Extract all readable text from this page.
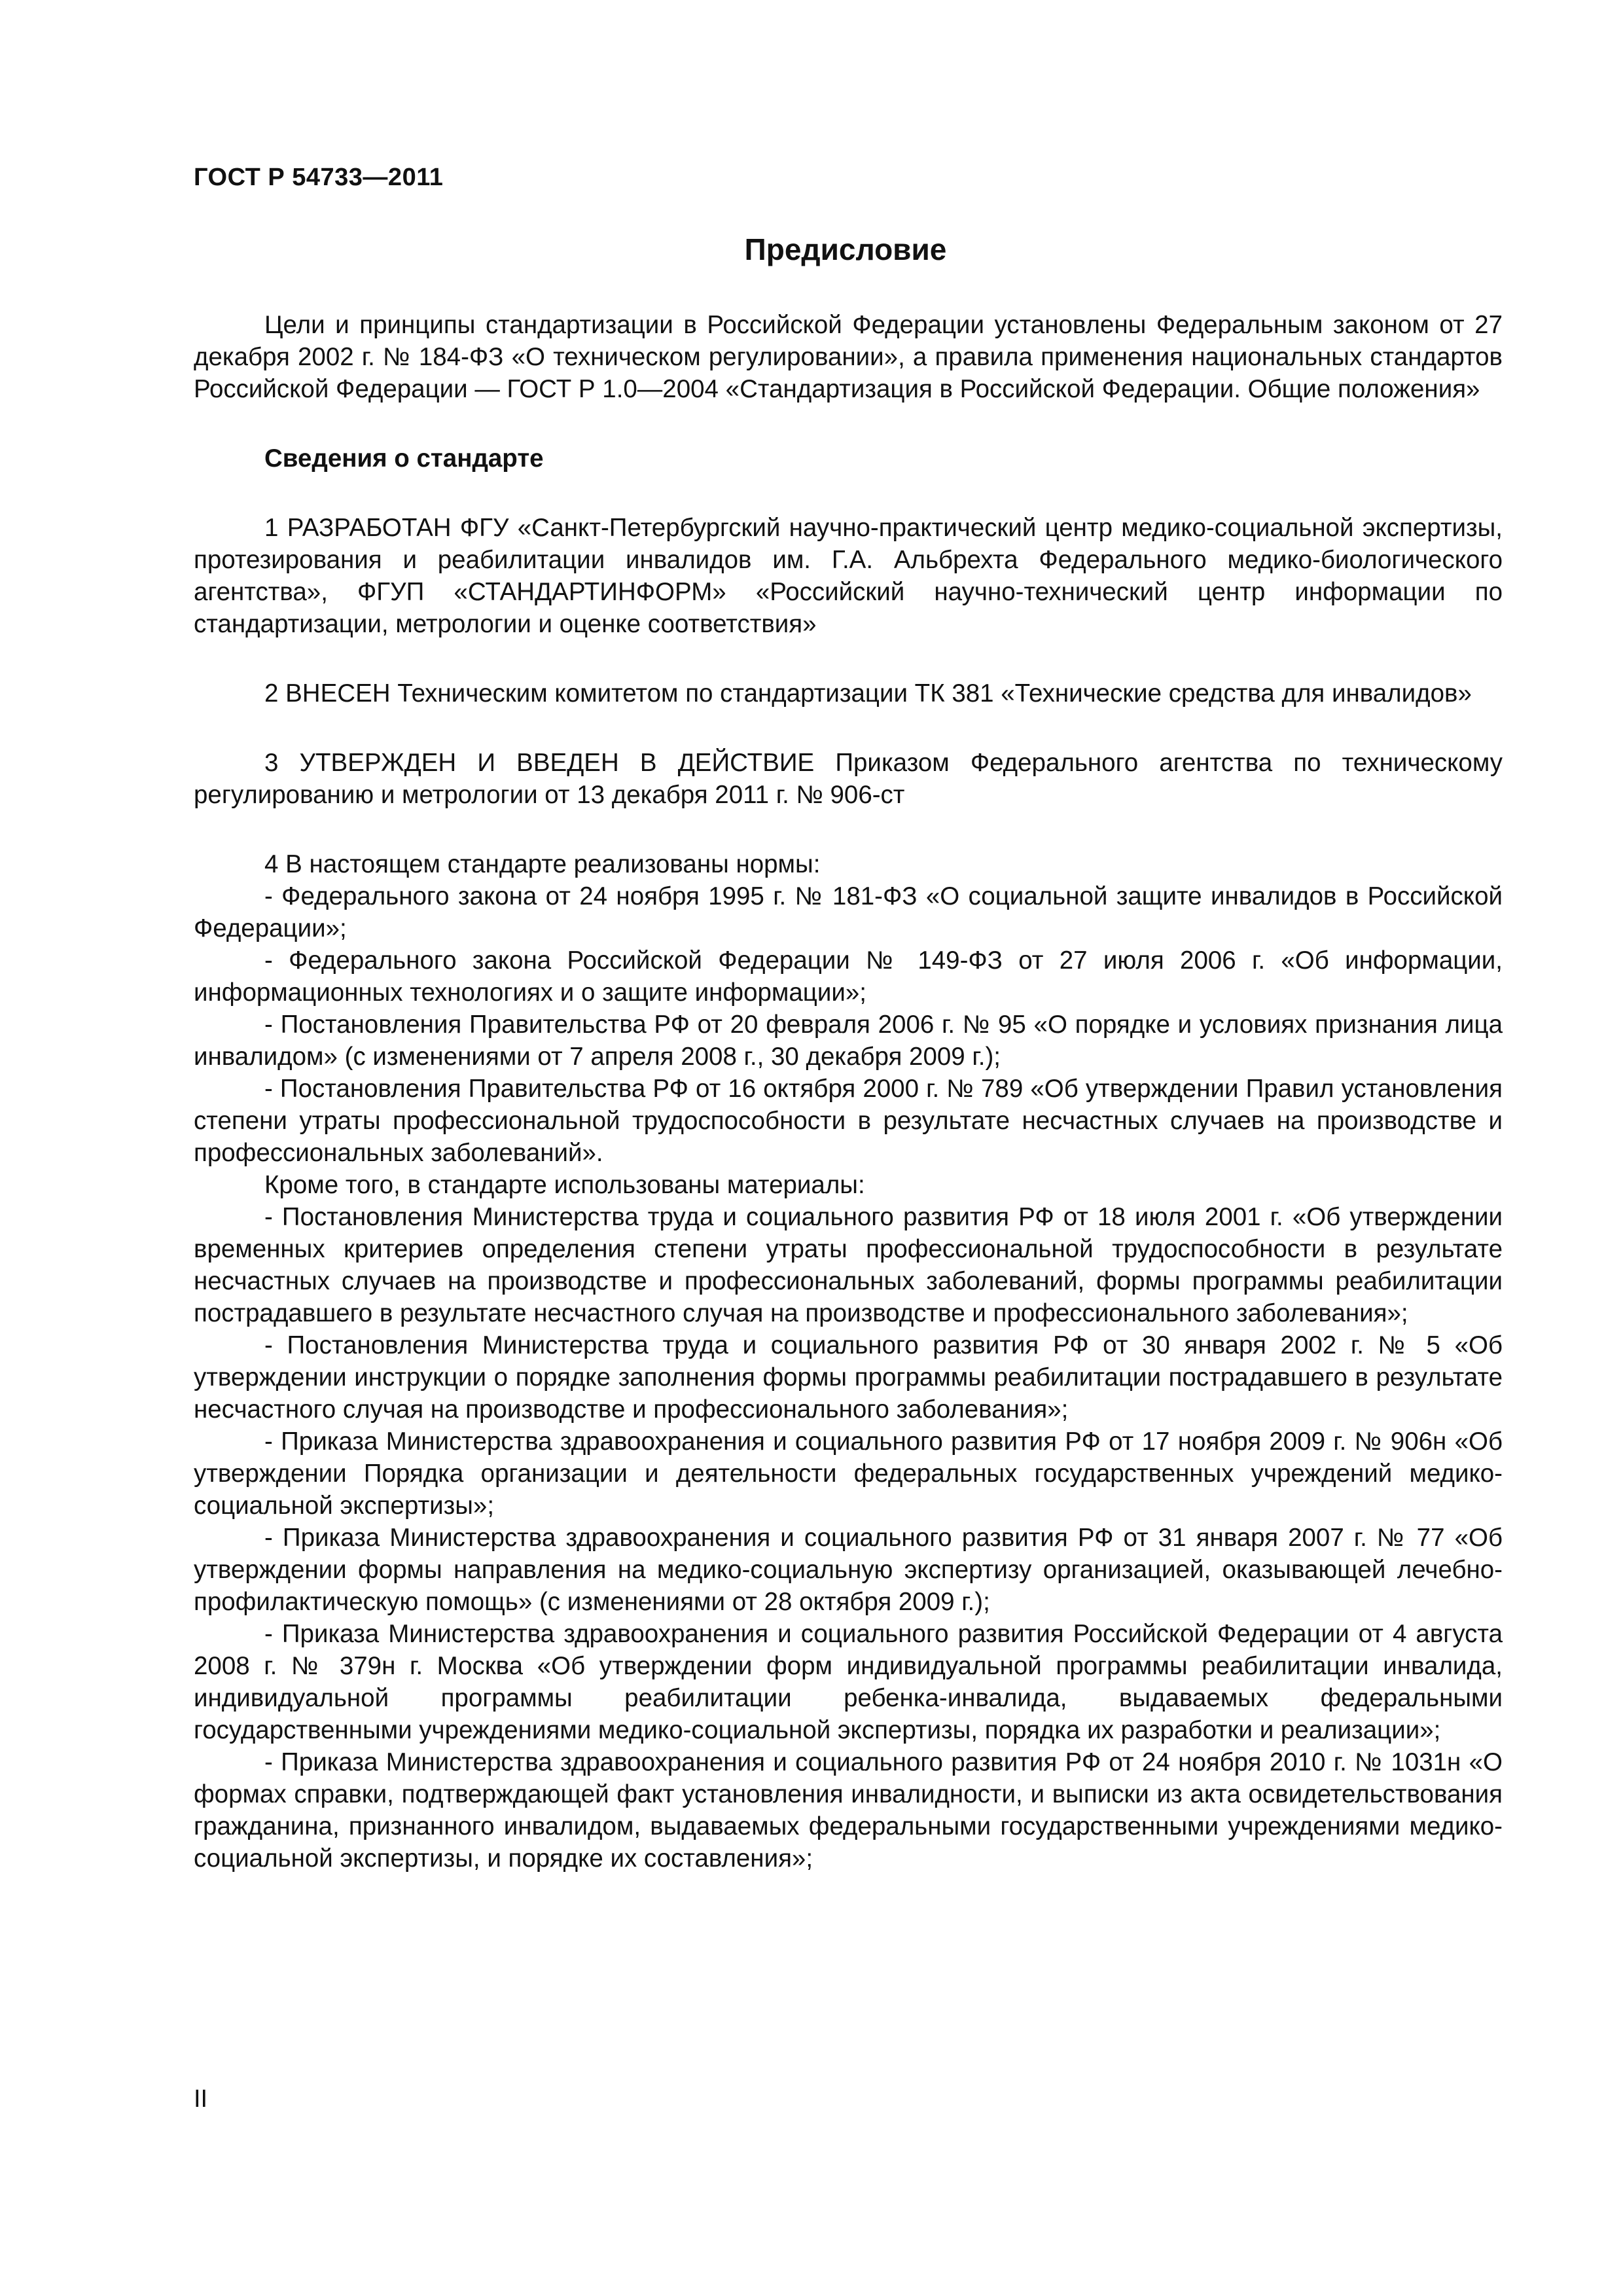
ГОСТ Р 54733—2011

Предисловие

Цели и принципы стандартизации в Российской Федерации установлены Федеральным законом от 27 декабря 2002 г. № 184-ФЗ «О техническом регулировании», а правила применения национальных стандартов Российской Федерации — ГОСТ Р 1.0—2004 «Стандартизация в Российской Федерации. Общие положения»

Сведения о стандарте

1 РАЗРАБОТАН ФГУ «Санкт-Петербургский научно-практический центр медико-социальной экспертизы, протезирования и реабилитации инвалидов им. Г.А. Альбрехта Федерального медико-биологического агентства», ФГУП «СТАНДАРТИНФОРМ» «Российский научно-технический центр информации по стандартизации, метрологии и оценке соответствия»

2 ВНЕСЕН Техническим комитетом по стандартизации ТК 381 «Технические средства для инвалидов»

3 УТВЕРЖДЕН И ВВЕДЕН В ДЕЙСТВИЕ Приказом Федерального агентства по техническому регулированию и метрологии от 13 декабря 2011 г. № 906-ст

4 В настоящем стандарте реализованы нормы:

- Федерального закона от 24 ноября 1995 г. № 181-ФЗ «О социальной защите инвалидов в Российской Федерации»;

- Федерального закона Российской Федерации № 149-ФЗ от 27 июля 2006 г. «Об информации, информационных технологиях и о защите информации»;

- Постановления Правительства РФ от 20 февраля 2006 г. № 95 «О порядке и условиях признания лица инвалидом» (с изменениями от 7 апреля 2008 г., 30 декабря 2009 г.);

- Постановления Правительства РФ от 16 октября 2000 г. № 789 «Об утверждении Правил установления степени утраты профессиональной трудоспособности в результате несчастных случаев на производстве и профессиональных заболеваний».

Кроме того, в стандарте использованы материалы:

- Постановления Министерства труда и социального развития РФ от 18 июля 2001 г. «Об утверждении временных критериев определения степени утраты профессиональной трудоспособности в результате несчастных случаев на производстве и профессиональных заболеваний, формы программы реабилитации пострадавшего в результате несчастного случая на производстве и профессионального заболевания»;

- Постановления Министерства труда и социального развития РФ от 30 января 2002 г. № 5 «Об утверждении инструкции о порядке заполнения формы программы реабилитации пострадавшего в результате несчастного случая на производстве и профессионального заболевания»;

- Приказа Министерства здравоохранения и социального развития РФ от 17 ноября 2009 г. № 906н «Об утверждении Порядка организации и деятельности федеральных государственных учреждений медико-социальной экспертизы»;

- Приказа Министерства здравоохранения и социального развития РФ от 31 января 2007 г. № 77 «Об утверждении формы направления на медико-социальную экспертизу организацией, оказывающей лечебно-профилактическую помощь» (с изменениями от 28 октября 2009 г.);

- Приказа Министерства здравоохранения и социального развития Российской Федерации от 4 августа 2008 г. № 379н г. Москва «Об утверждении форм индивидуальной программы реабилитации инвалида, индивидуальной программы реабилитации ребенка-инвалида, выдаваемых федеральными государственными учреждениями медико-социальной экспертизы, порядка их разработки и реализации»;

- Приказа Министерства здравоохранения и социального развития РФ от 24 ноября 2010 г. № 1031н «О формах справки, подтверждающей факт установления инвалидности, и выписки из акта освидетельствования гражданина, признанного инвалидом, выдаваемых федеральными государственными учреждениями медико-социальной экспертизы, и порядке их составления»;

II
